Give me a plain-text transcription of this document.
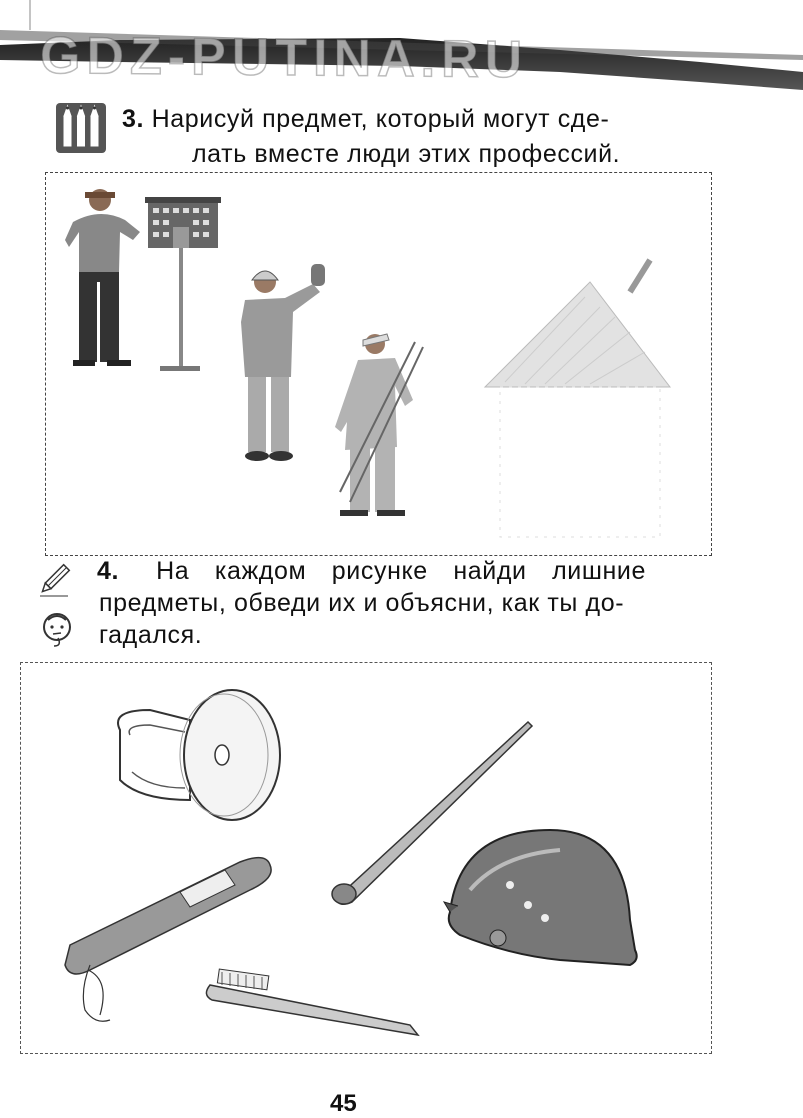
GDZ-PUTINA.RU
3. Нарисуй предмет, который могут сде-
лать вместе люди этих профессий.
4. На каждом рисунке найди лишние
предметы, обведи их и объясни, как ты до-
гадался.
45
